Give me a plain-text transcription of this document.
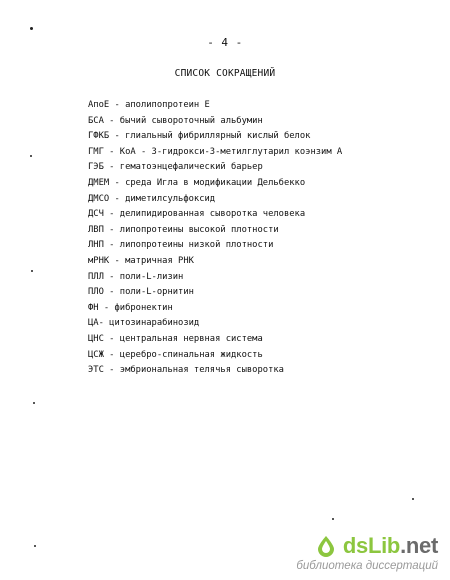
- 4 -
СПИСОК СОКРАЩЕНИЙ
АпоЕ - аполипопротеин Е
БСА - бычий сывороточный альбумин
ГФКБ - глиальный фибриллярный кислый белок
ГМГ - КоА - 3-гидрокси-3-метилглутарил коэнзим А
ГЭБ - гематоэнцефалический барьер
ДМЕМ - среда Игла в модификации Дельбекко
ДМСО - диметилсульфоксид
ДСЧ - делипидированная сыворотка человека
ЛВП - липопротеины высокой плотности
ЛНП - липопротеины низкой плотности
мРНК - матричная РНК
ПЛЛ - поли-L-лизин
ПЛО - поли-L-орнитин
ФН - фибронектин
ЦА- цитозинарабинозид
ЦНС - центральная нервная система
ЦСЖ - церебро-спинальная жидкость
ЭТС - эмбриональная телячья сыворотка
dsLib.net
библиотека диссертаций
